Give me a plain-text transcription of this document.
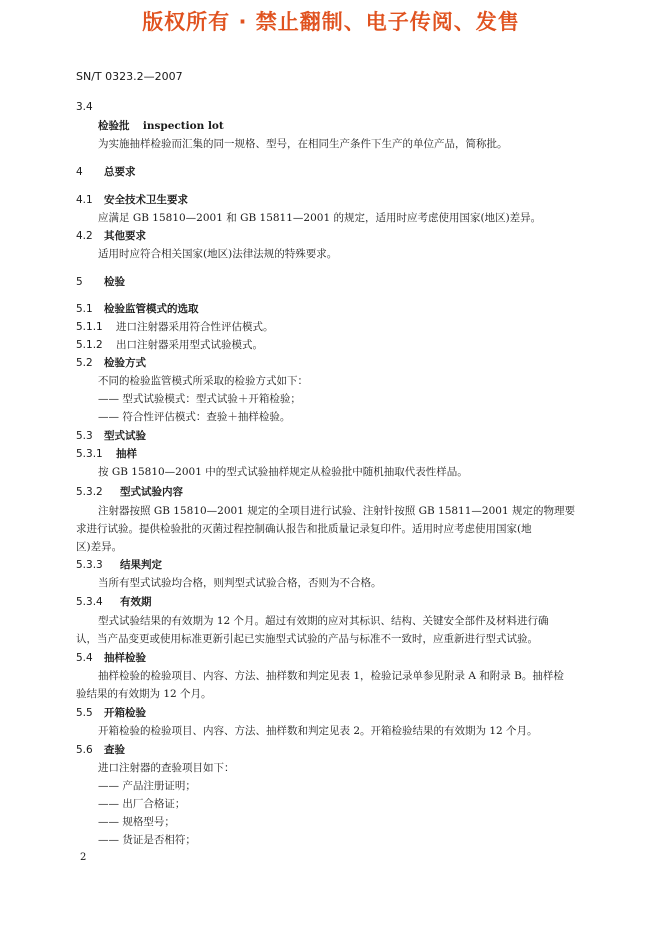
版权所有 · 禁止翻制、电子传阅、发售
SN/T 0323.2—2007
3.4
检验批 inspection lot
为实施抽样检验而汇集的同一规格、型号，在相同生产条件下生产的单位产品，简称批。
4 总要求
4.1 安全技术卫生要求
应满足 GB 15810—2001 和 GB 15811—2001 的规定，适用时应考虑使用国家(地区)差异。
4.2 其他要求
适用时应符合相关国家(地区)法律法规的特殊要求。
5 检验
5.1 检验监管模式的选取
5.1.1 进口注射器采用符合性评估模式。
5.1.2 出口注射器采用型式试验模式。
5.2 检验方式
不同的检验监管模式所采取的检验方式如下：
—— 型式试验模式：型式试验＋开箱检验；
—— 符合性评估模式：查验＋抽样检验。
5.3 型式试验
5.3.1 抽样
按 GB 15810—2001 中的型式试验抽样规定从检验批中随机抽取代表性样品。
5.3.2 型式试验内容
注射器按照 GB 15810—2001 规定的全项目进行试验、注射针按照 GB 15811—2001 规定的物理要
求进行试验。提供检验批的灭菌过程控制确认报告和批质量记录复印件。适用时应考虑使用国家(地
区)差异。
5.3.3 结果判定
当所有型式试验均合格，则判型式试验合格，否则为不合格。
5.3.4 有效期
型式试验结果的有效期为 12 个月。超过有效期的应对其标识、结构、关键安全部件及材料进行确
认，当产品变更或使用标准更新引起已实施型式试验的产品与标准不一致时，应重新进行型式试验。
5.4 抽样检验
抽样检验的检验项目、内容、方法、抽样数和判定见表 1，检验记录单参见附录 A 和附录 B。抽样检
验结果的有效期为 12 个月。
5.5 开箱检验
开箱检验的检验项目、内容、方法、抽样数和判定见表 2。开箱检验结果的有效期为 12 个月。
5.6 查验
进口注射器的查验项目如下：
—— 产品注册证明；
—— 出厂合格证；
—— 规格型号；
—— 货证是否相符；
2
